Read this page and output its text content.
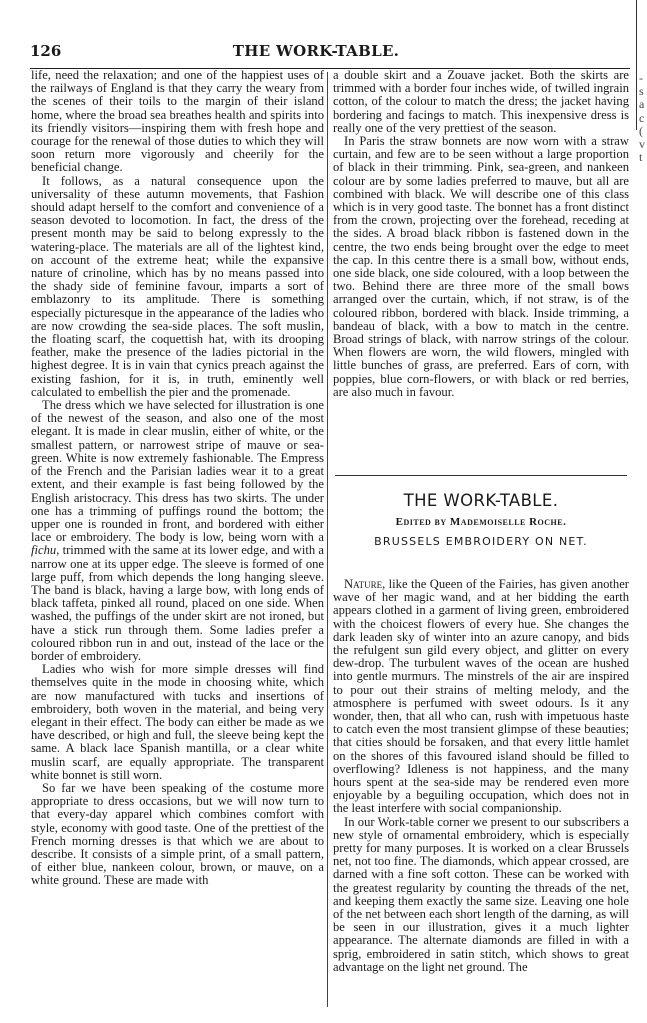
126	THE WORK-TABLE.

life, need the relaxation; and one of the happiest uses of the railways of England is that they carry the weary from the scenes of their toils to the margin of their island home, where the broad sea breathes health and spirits into its friendly visitors—inspiring them with fresh hope and courage for the renewal of those duties to which they will soon return more vigorously and cheerily for the beneficial change.

It follows, as a natural consequence upon the universality of these autumn movements, that Fashion should adapt herself to the comfort and convenience of a season devoted to locomotion. In fact, the dress of the present month may be said to belong expressly to the watering-place. The materials are all of the lightest kind, on account of the extreme heat; while the expansive nature of crinoline, which has by no means passed into the shady side of feminine favour, imparts a sort of emblazonry to its amplitude. There is something especially picturesque in the appearance of the ladies who are now crowding the sea-side places. The soft muslin, the floating scarf, the coquettish hat, with its drooping feather, make the presence of the ladies pictorial in the highest degree. It is in vain that cynics preach against the existing fashion, for it is, in truth, eminently well calculated to embellish the pier and the promenade.

The dress which we have selected for illustration is one of the newest of the season, and also one of the most elegant. It is made in clear muslin, either of white, or the smallest pattern, or narrowest stripe of mauve or sea-green. White is now extremely fashionable. The Empress of the French and the Parisian ladies wear it to a great extent, and their example is fast being followed by the English aristocracy. This dress has two skirts. The under one has a trimming of puffings round the bottom; the upper one is rounded in front, and bordered with either lace or embroidery. The body is low, being worn with a fichu, trimmed with the same at its lower edge, and with a narrow one at its upper edge. The sleeve is formed of one large puff, from which depends the long hanging sleeve. The band is black, having a large bow, with long ends of black taffeta, pinked all round, placed on one side. When washed, the puffings of the under skirt are not ironed, but have a stick run through them. Some ladies prefer a coloured ribbon run in and out, instead of the lace or the border of embroidery.

Ladies who wish for more simple dresses will find themselves quite in the mode in choosing white, which are now manufactured with tucks and insertions of embroidery, both woven in the material, and being very elegant in their effect. The body can either be made as we have described, or high and full, the sleeve being kept the same. A black lace Spanish mantilla, or a clear white muslin scarf, are equally appropriate. The transparent white bonnet is still worn.

So far we have been speaking of the costume more appropriate to dress occasions, but we will now turn to that every-day apparel which combines comfort with style, economy with good taste. One of the prettiest of the French morning dresses is that which we are about to describe. It consists of a simple print, of a small pattern, of either blue, nankeen colour, brown, or mauve, on a white ground. These are made with

a double skirt and a Zouave jacket. Both the skirts are trimmed with a border four inches wide, of twilled ingrain cotton, of the colour to match the dress; the jacket having bordering and facings to match. This inexpensive dress is really one of the very prettiest of the season.

In Paris the straw bonnets are now worn with a straw curtain, and few are to be seen without a large proportion of black in their trimming. Pink, sea-green, and nankeen colour are by some ladies preferred to mauve, but all are combined with black. We will describe one of this class which is in very good taste. The bonnet has a front distinct from the crown, projecting over the forehead, receding at the sides. A broad black ribbon is fastened down in the centre, the two ends being brought over the edge to meet the cap. In this centre there is a small bow, without ends, one side black, one side coloured, with a loop between the two. Behind there are three more of the small bows arranged over the curtain, which, if not straw, is of the coloured ribbon, bordered with black. Inside trimming, a bandeau of black, with a bow to match in the centre. Broad strings of black, with narrow strings of the colour. When flowers are worn, the wild flowers, mingled with little bunches of grass, are preferred. Ears of corn, with poppies, blue corn-flowers, or with black or red berries, are also much in favour.

THE WORK-TABLE.
Edited by Mademoiselle Roche.
BRUSSELS EMBROIDERY ON NET.

Nature, like the Queen of the Fairies, has given another wave of her magic wand, and at her bidding the earth appears clothed in a garment of living green, embroidered with the choicest flowers of every hue. She changes the dark leaden sky of winter into an azure canopy, and bids the refulgent sun gild every object, and glitter on every dew-drop. The turbulent waves of the ocean are hushed into gentle murmurs. The minstrels of the air are inspired to pour out their strains of melting melody, and the atmosphere is perfumed with sweet odours. Is it any wonder, then, that all who can, rush with impetuous haste to catch even the most transient glimpse of these beauties; that cities should be forsaken, and that every little hamlet on the shores of this favoured island should be filled to overflowing? Idleness is not happiness, and the many hours spent at the sea-side may be rendered even more enjoyable by a beguiling occupation, which does not in the least interfere with social companionship.

In our Work-table corner we present to our subscribers a new style of ornamental embroidery, which is especially pretty for many purposes. It is worked on a clear Brussels net, not too fine. The diamonds, which appear crossed, are darned with a fine soft cotton. These can be worked with the greatest regularity by counting the threads of the net, and keeping them exactly the same size. Leaving one hole of the net between each short length of the darning, as will be seen in our illustration, gives it a much lighter appearance. The alternate diamonds are filled in with a sprig, embroidered in satin stitch, which shows to great advantage on the light net ground. The

-
s
a
c
(
v
t
